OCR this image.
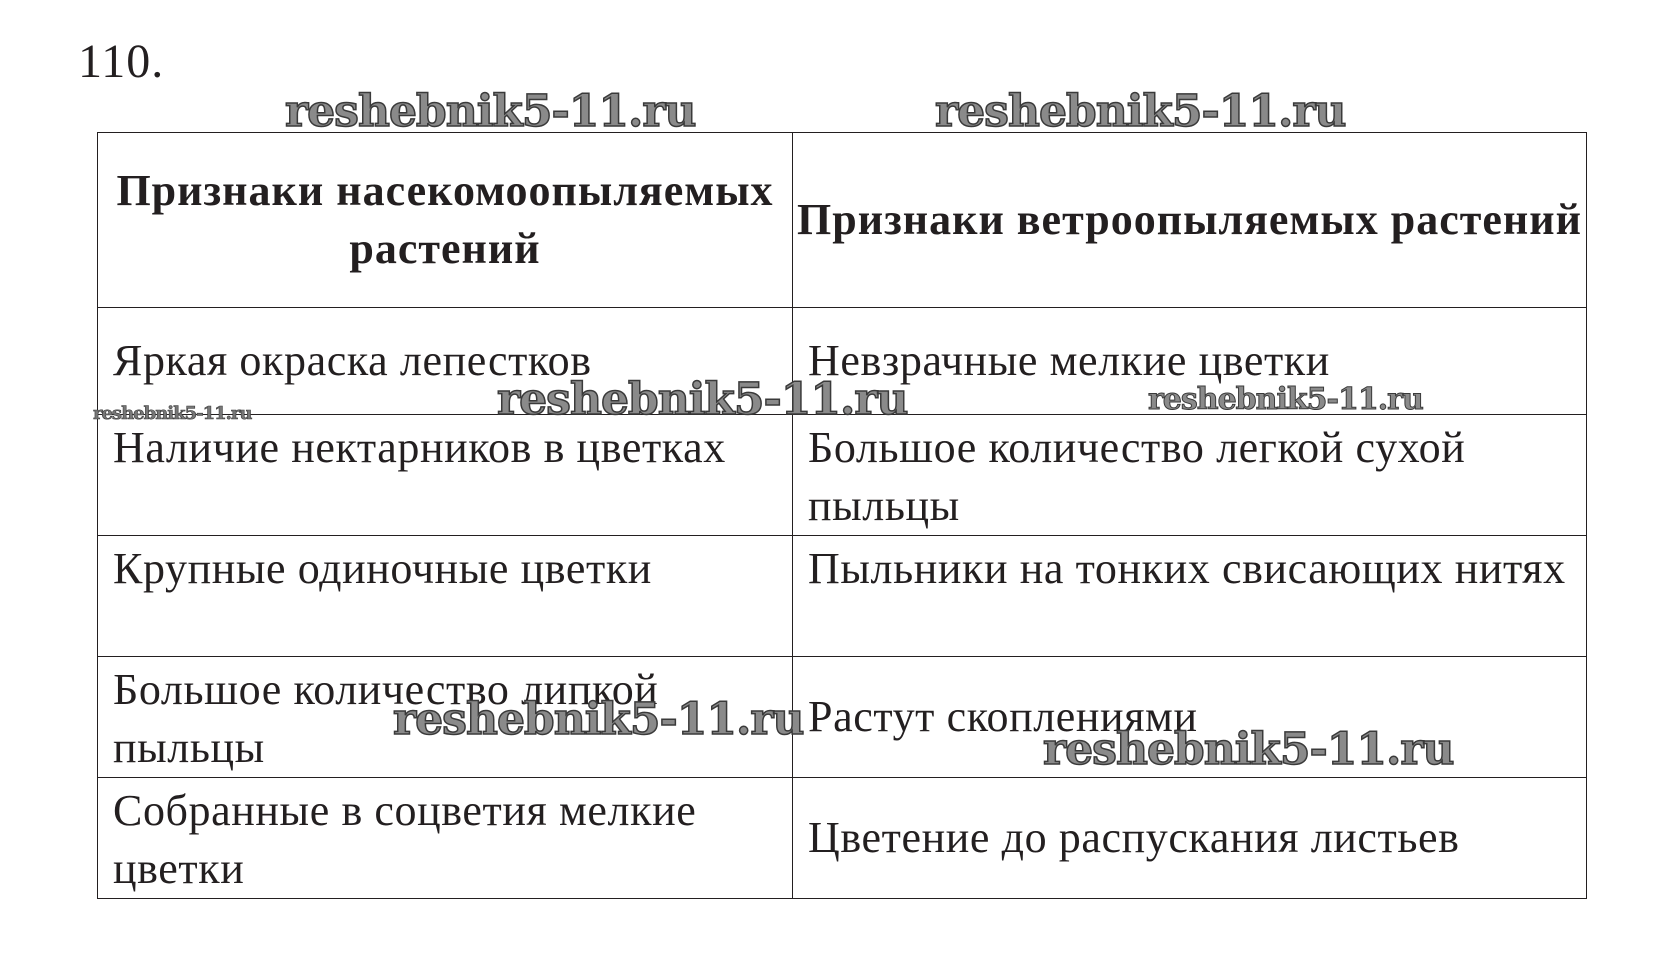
110.
reshebnik5-11.ru	reshebnik5-11.ru
reshebnik5-11.ru	reshebnik5-11.ru	reshebnik5-11.ru
reshebnik5-11.ru
reshebnik5-11.ru
Признаки насекомоопыляемых растений	Признаки ветроопыляемых растений
Яркая окраска лепестков	Невзрачные мелкие цветки
Наличие нектарников в цветках	Большое количество легкой сухой пыльцы
Крупные одиночные цветки	Пыльники на тонких свисающих нитях
Большое количество липкой пыльцы	Растут скоплениями
Собранные в соцветия мелкие цветки	Цветение до распускания листьев
